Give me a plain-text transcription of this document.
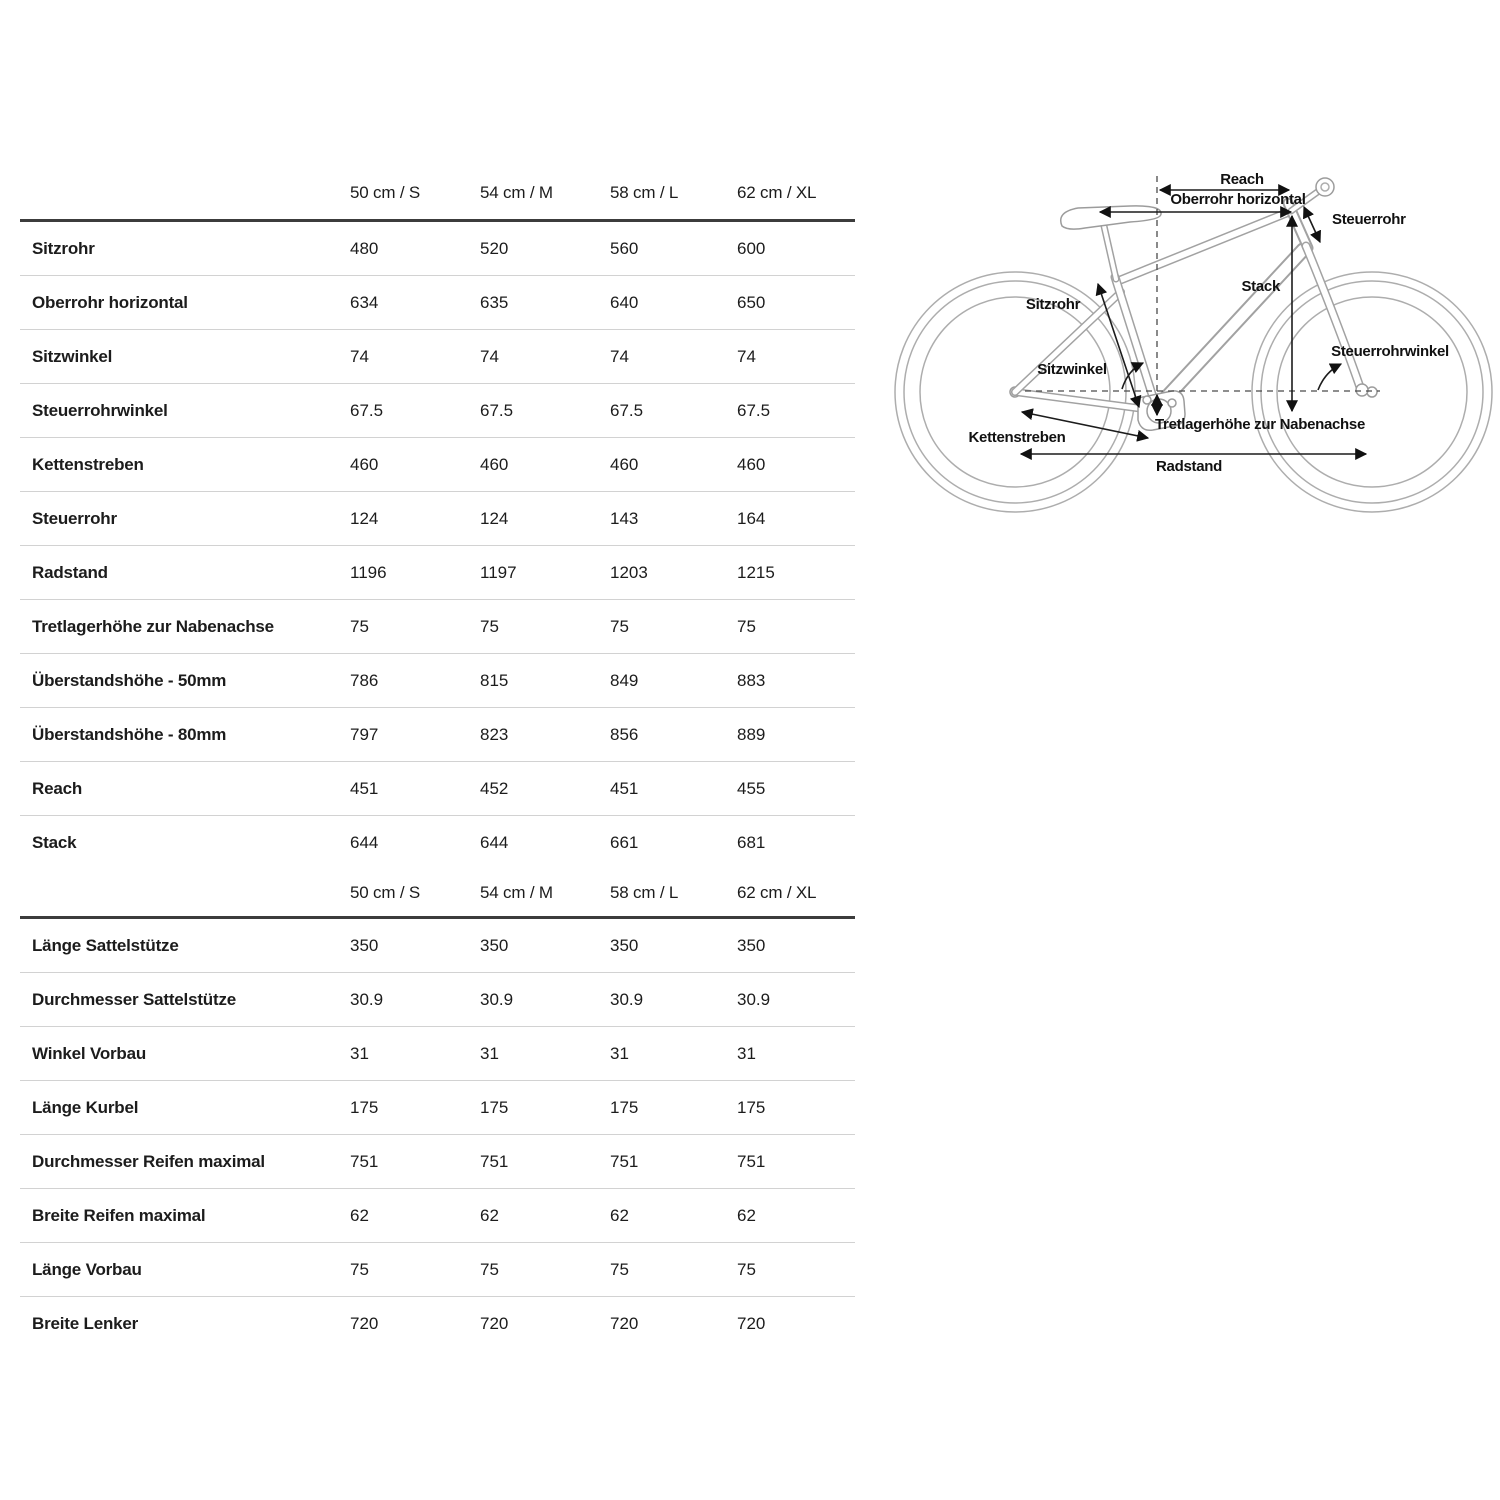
50 cm / S	54 cm / M	58 cm / L	62 cm / XL
Sitzrohr	480	520	560	600
Oberrohr horizontal	634	635	640	650
Sitzwinkel	74	74	74	74
Steuerrohrwinkel	67.5	67.5	67.5	67.5
Kettenstreben	460	460	460	460
Steuerrohr	124	124	143	164
Radstand	1196	1197	1203	1215
Tretlagerhöhe zur Nabenachse	75	75	75	75
Überstandshöhe - 50mm	786	815	849	883
Überstandshöhe - 80mm	797	823	856	889
Reach	451	452	451	455
Stack	644	644	661	681
50 cm / S	54 cm / M	58 cm / L	62 cm / XL
Länge Sattelstütze	350	350	350	350
Durchmesser Sattelstütze	30.9	30.9	30.9	30.9
Winkel Vorbau	31	31	31	31
Länge Kurbel	175	175	175	175
Durchmesser Reifen maximal	751	751	751	751
Breite Reifen maximal	62	62	62	62
Länge Vorbau	75	75	75	75
Breite Lenker	720	720	720	720
Reach
Oberrohr horizontal
Steuerrohr
Stack
Sitzrohr
Steuerrohrwinkel
Sitzwinkel
Kettenstreben
Tretlagerhöhe zur Nabenachse
Radstand
